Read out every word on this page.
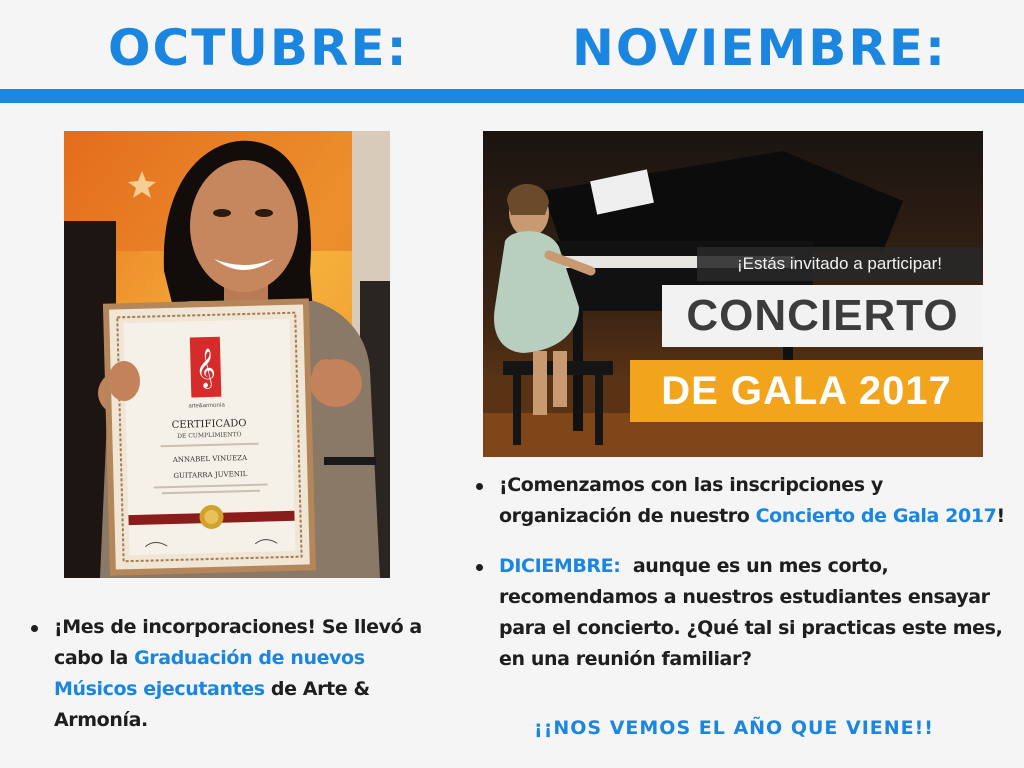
OCTUBRE:	NOVIEMBRE:
𝄞
arte&armonía
CERTIFICADO
DE CUMPLIMIENTO
ANNABEL VINUEZA
GUITARRA JUVENIL
¡Estás invitado a participar!
CONCIERTO
DE GALA 2017
¡Mes de incorporaciones! Se llevó a cabo la Graduación de nuevos Músicos ejecutantes de Arte & Armonía.
¡Comenzamos con las inscripciones y organización de nuestro Concierto de Gala 2017!
DICIEMBRE:  aunque es un mes corto, recomendamos a nuestros estudiantes ensayar para el concierto. ¿Qué tal si practicas este mes, en una reunión familiar?

¡¡NOS VEMOS EL AÑO QUE VIENE!!
